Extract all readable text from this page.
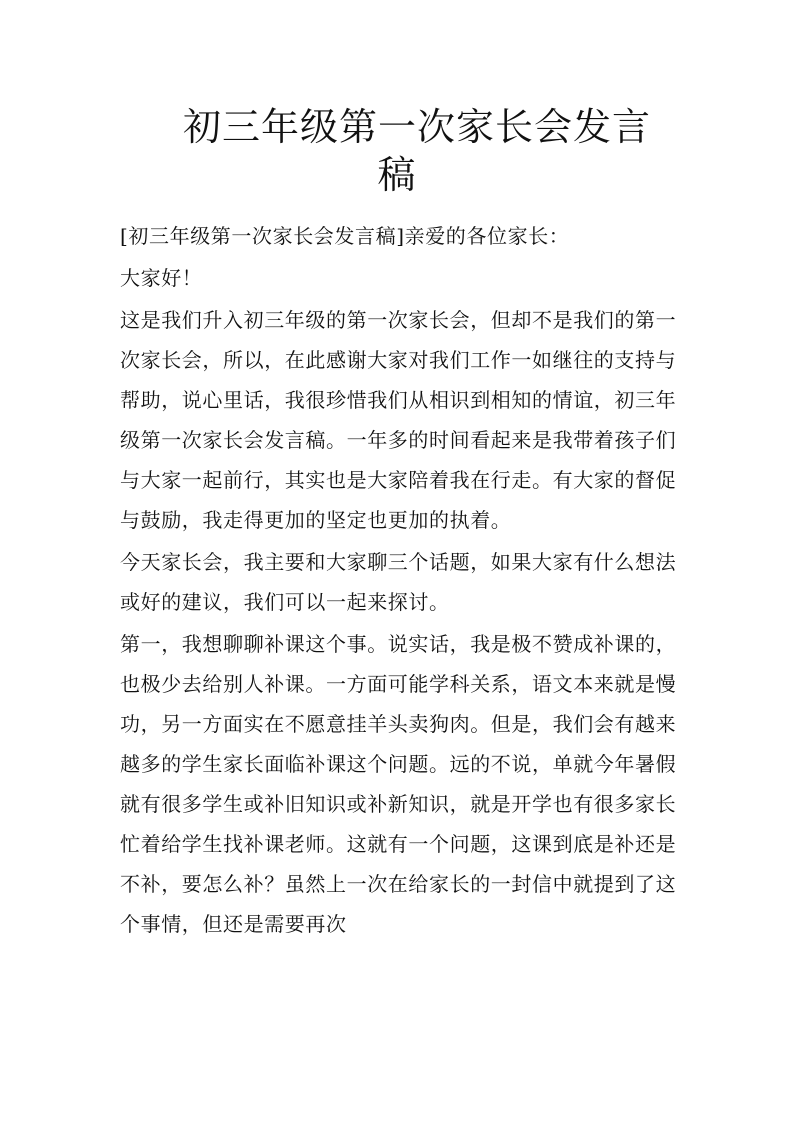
初三年级第一次家长会发言
稿

[初三年级第一次家长会发言稿]亲爱的各位家长：

大家好！

这是我们升入初三年级的第一次家长会，但却不是我们的第一次家长会，所以，在此感谢大家对我们工作一如继往的支持与帮助，说心里话，我很珍惜我们从相识到相知的情谊，初三年级第一次家长会发言稿。一年多的时间看起来是我带着孩子们与大家一起前行，其实也是大家陪着我在行走。有大家的督促与鼓励，我走得更加的坚定也更加的执着。

今天家长会，我主要和大家聊三个话题，如果大家有什么想法或好的建议，我们可以一起来探讨。

第一，我想聊聊补课这个事。说实话，我是极不赞成补课的，也极少去给别人补课。一方面可能学科关系，语文本来就是慢功，另一方面实在不愿意挂羊头卖狗肉。但是，我们会有越来越多的学生家长面临补课这个问题。远的不说，单就今年暑假就有很多学生或补旧知识或补新知识，就是开学也有很多家长忙着给学生找补课老师。这就有一个问题，这课到底是补还是不补，要怎么补？虽然上一次在给家长的一封信中就提到了这个事情，但还是需要再次
